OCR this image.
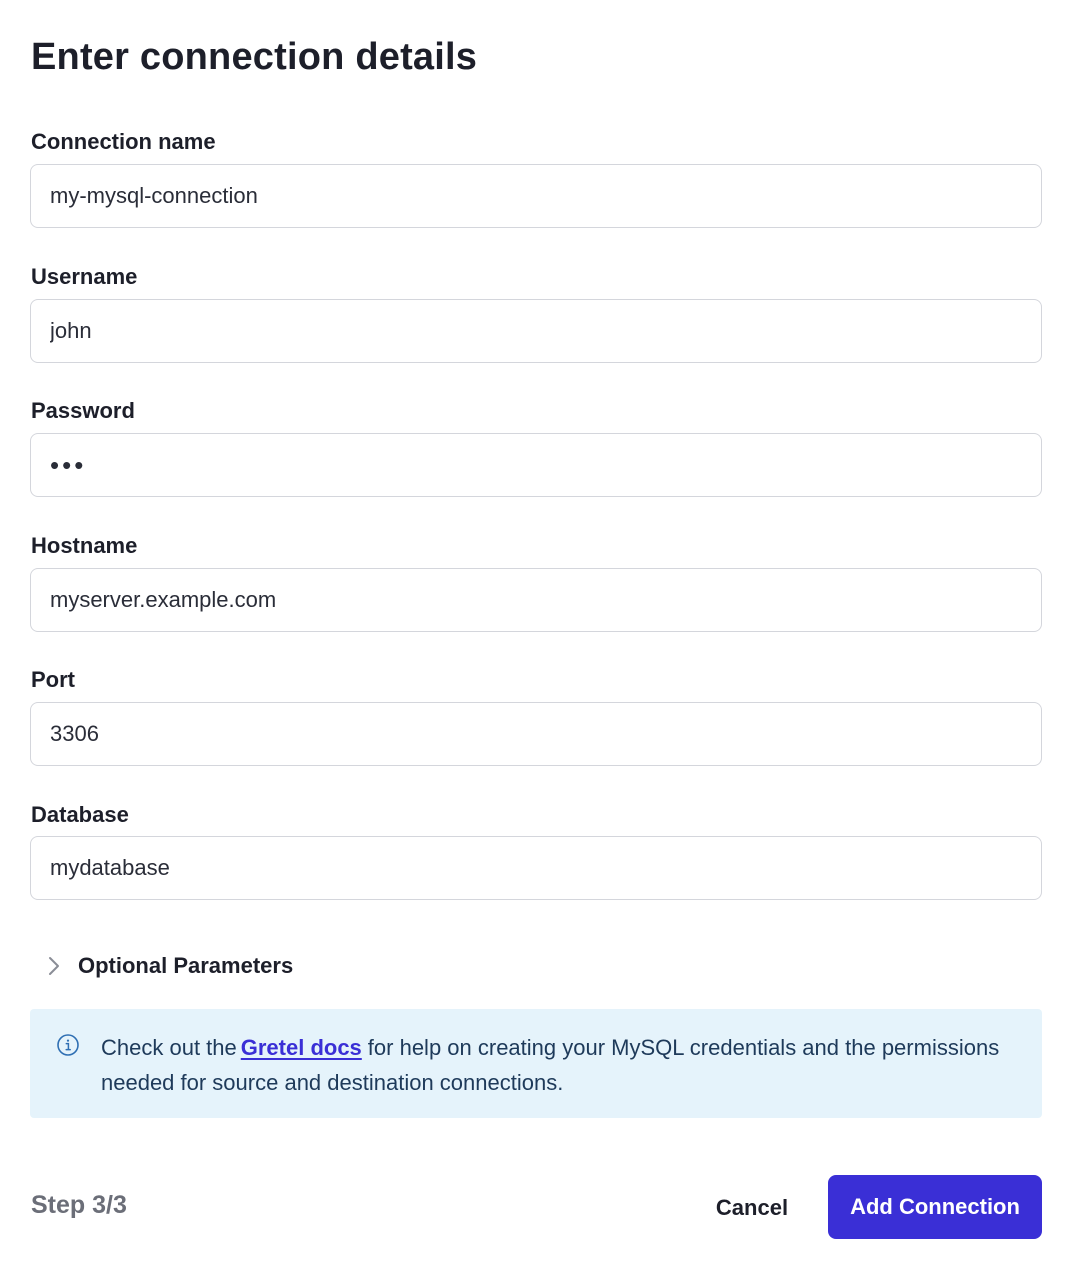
Enter connection details
Connection name
my-mysql-connection
Username
john
Password
•••
Hostname
myserver.example.com
Port
3306
Database
mydatabase
Optional Parameters

Check out the Gretel docs for help on creating your MySQL credentials and the permissions needed for source and destination connections.

Step 3/3	Cancel	Add Connection
